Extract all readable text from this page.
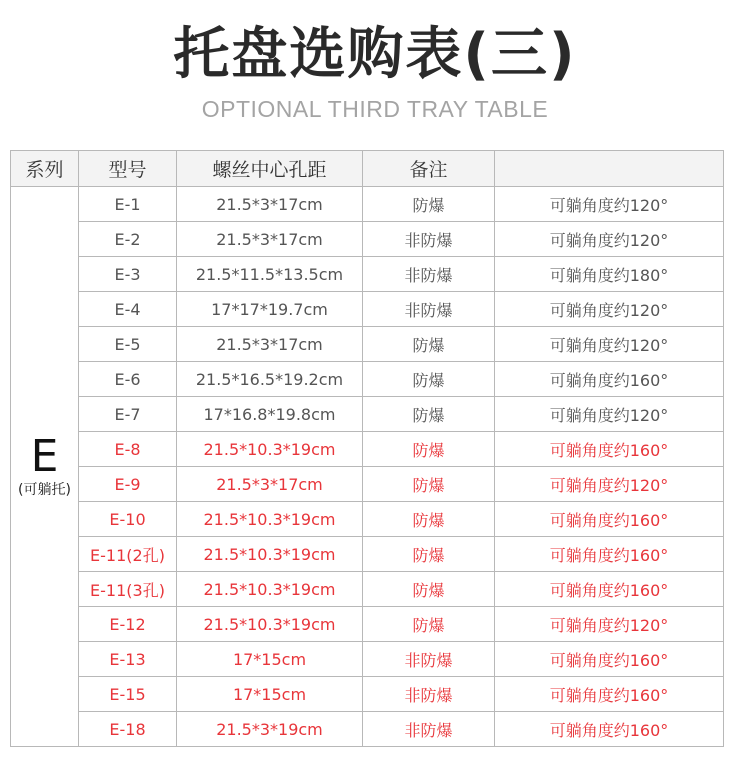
托盘选购表(三)
OPTIONAL THIRD TRAY TABLE
系列	型号	螺丝中心孔距	备注	

E
(可躺托)	E-1	21.5*3*17cm	防爆	可躺角度约120°
	E-2	21.5*3*17cm	非防爆	可躺角度约120°
	E-3	21.5*11.5*13.5cm	非防爆	可躺角度约180°
	E-4	17*17*19.7cm	非防爆	可躺角度约120°
	E-5	21.5*3*17cm	防爆	可躺角度约120°
	E-6	21.5*16.5*19.2cm	防爆	可躺角度约160°
	E-7	17*16.8*19.8cm	防爆	可躺角度约120°
	E-8	21.5*10.3*19cm	防爆	可躺角度约160°
	E-9	21.5*3*17cm	防爆	可躺角度约120°
	E-10	21.5*10.3*19cm	防爆	可躺角度约160°
	E-11(2孔)	21.5*10.3*19cm	防爆	可躺角度约160°
	E-11(3孔)	21.5*10.3*19cm	防爆	可躺角度约160°
	E-12	21.5*10.3*19cm	防爆	可躺角度约120°
	E-13	17*15cm	非防爆	可躺角度约160°
	E-15	17*15cm	非防爆	可躺角度约160°
	E-18	21.5*3*19cm	非防爆	可躺角度约160°
